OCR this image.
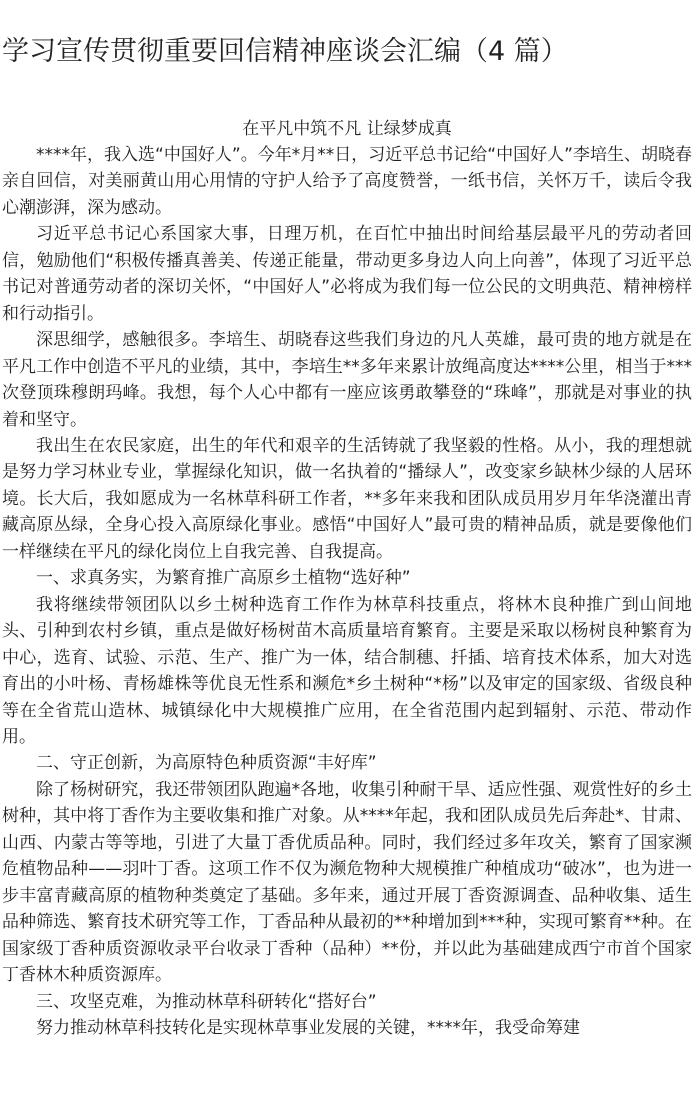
学习宣传贯彻重要回信精神座谈会汇编（4 篇）

在平凡中筑不凡 让绿梦成真

****年，我入选“中国好人”。今年*月**日，习近平总书记给“中国好人”李培生、胡晓春亲自回信，对美丽黄山用心用情的守护人给予了高度赞誉，一纸书信，关怀万千，读后令我心潮澎湃，深为感动。

习近平总书记心系国家大事，日理万机，在百忙中抽出时间给基层最平凡的劳动者回信，勉励他们“积极传播真善美、传递正能量，带动更多身边人向上向善”，体现了习近平总书记对普通劳动者的深切关怀，“中国好人”必将成为我们每一位公民的文明典范、精神榜样和行动指引。

深思细学，感触很多。李培生、胡晓春这些我们身边的凡人英雄，最可贵的地方就是在平凡工作中创造不平凡的业绩，其中，李培生**多年来累计放绳高度达****公里，相当于***次登顶珠穆朗玛峰。我想，每个人心中都有一座应该勇敢攀登的“珠峰”，那就是对事业的执着和坚守。

我出生在农民家庭，出生的年代和艰辛的生活铸就了我坚毅的性格。从小，我的理想就是努力学习林业专业，掌握绿化知识，做一名执着的“播绿人”，改变家乡缺林少绿的人居环境。长大后，我如愿成为一名林草科研工作者，**多年来我和团队成员用岁月年华浇灌出青藏高原丛绿，全身心投入高原绿化事业。感悟“中国好人”最可贵的精神品质，就是要像他们一样继续在平凡的绿化岗位上自我完善、自我提高。

一、求真务实，为繁育推广高原乡土植物“选好种”

我将继续带领团队以乡土树种选育工作作为林草科技重点，将林木良种推广到山间地头、引种到农村乡镇，重点是做好杨树苗木高质量培育繁育。主要是采取以杨树良种繁育为中心，选育、试验、示范、生产、推广为一体，结合制穗、扦插、培育技术体系，加大对选育出的小叶杨、青杨雄株等优良无性系和濒危*乡土树种“*杨”以及审定的国家级、省级良种等在全省荒山造林、城镇绿化中大规模推广应用，在全省范围内起到辐射、示范、带动作用。

二、守正创新，为高原特色种质资源“丰好库”

除了杨树研究，我还带领团队跑遍*各地，收集引种耐干旱、适应性强、观赏性好的乡土树种，其中将丁香作为主要收集和推广对象。从****年起，我和团队成员先后奔赴*、甘肃、山西、内蒙古等等地，引进了大量丁香优质品种。同时，我们经过多年攻关，繁育了国家濒危植物品种——羽叶丁香。这项工作不仅为濒危物种大规模推广种植成功“破冰”，也为进一步丰富青藏高原的植物种类奠定了基础。多年来，通过开展丁香资源调查、品种收集、适生品种筛选、繁育技术研究等工作，丁香品种从最初的**种增加到***种，实现可繁育**种。在国家级丁香种质资源收录平台收录丁香种（品种）**份，并以此为基础建成西宁市首个国家丁香林木种质资源库。

三、攻坚克难，为推动林草科研转化“搭好台”

努力推动林草科技转化是实现林草事业发展的关键，****年，我受命筹建
